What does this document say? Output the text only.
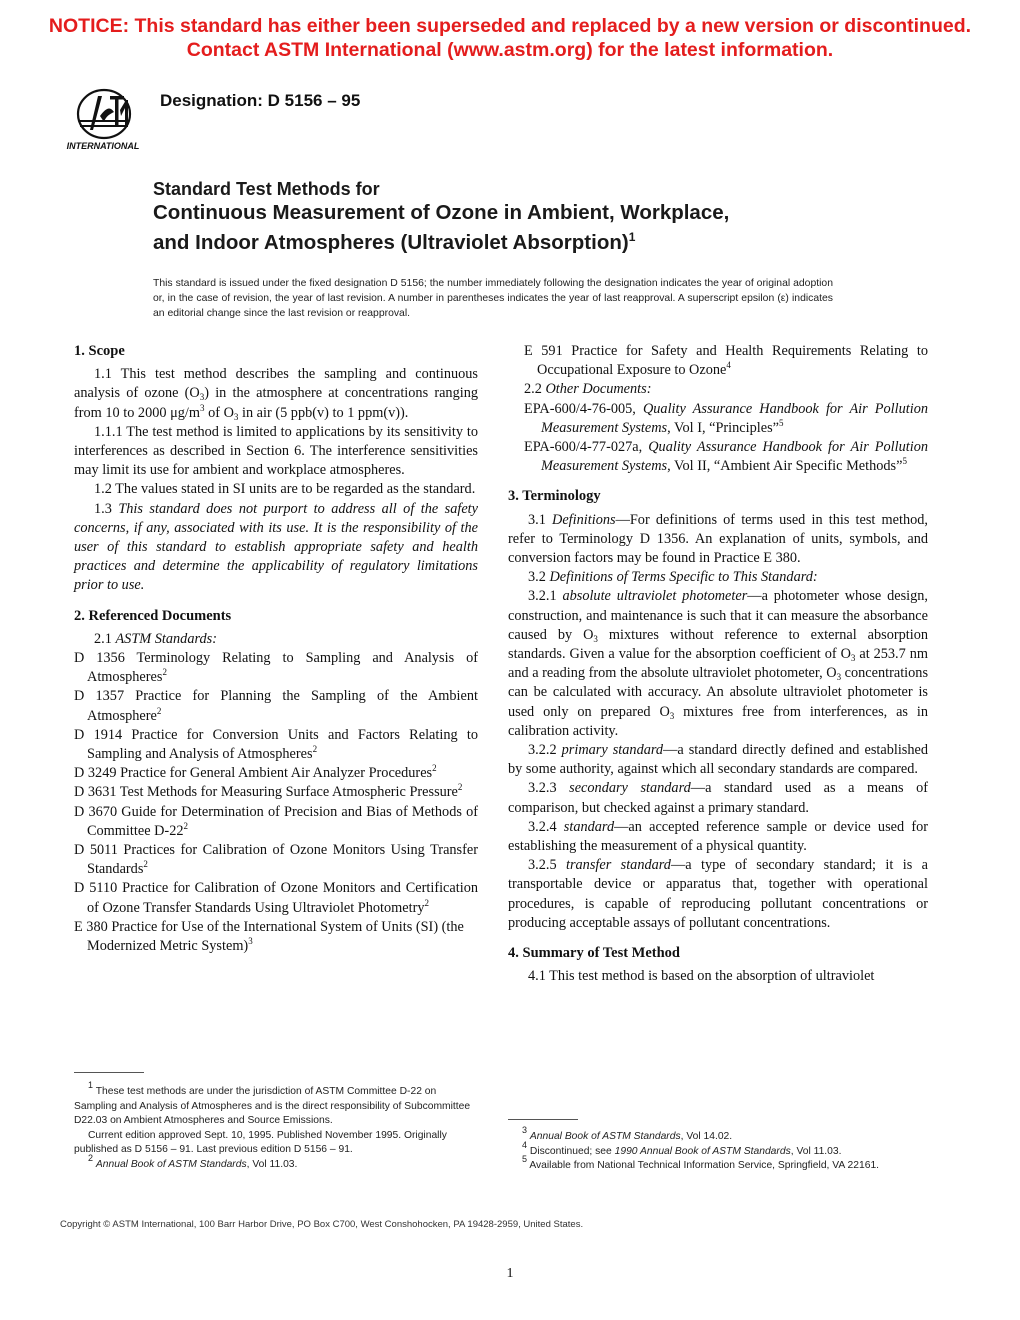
NOTICE: This standard has either been superseded and replaced by a new version or discontinued.
Contact ASTM International (www.astm.org) for the latest information.
INTERNATIONAL
Designation: D 5156 – 95
Standard Test Methods for
Continuous Measurement of Ozone in Ambient, Workplace,
and Indoor Atmospheres (Ultraviolet Absorption)$^1$
This standard is issued under the fixed designation D 5156; the number immediately following the designation indicates the year of original adoption or, in the case of revision, the year of last revision. A number in parentheses indicates the year of last reapproval. A superscript epsilon (ε) indicates an editorial change since the last revision or reapproval.

1. Scope

1.1 This test method describes the sampling and continuous analysis of ozone $(O_3)$ in the atmosphere at concentrations ranging from 10 to 2000 $\mu g/m^3$ of $O_3$ in air (5 ppb(v) to 1 ppm(v)).

1.1.1 The test method is limited to applications by its sensitivity to interferences as described in Section 6. The interference sensitivities may limit its use for ambient and workplace atmospheres.

1.2 The values stated in SI units are to be regarded as the standard.

1.3 This standard does not purport to address all of the safety concerns, if any, associated with its use. It is the responsibility of the user of this standard to establish appropriate safety and health practices and determine the applicability of regulatory limitations prior to use.

2. Referenced Documents

2.1 ASTM Standards:

D 1356 Terminology Relating to Sampling and Analysis of Atmospheres$^2$

D 1357 Practice for Planning the Sampling of the Ambient Atmosphere$^2$

D 1914 Practice for Conversion Units and Factors Relating to Sampling and Analysis of Atmospheres$^2$

D 3249 Practice for General Ambient Air Analyzer Procedures$^2$

D 3631 Test Methods for Measuring Surface Atmospheric Pressure$^2$

D 3670 Guide for Determination of Precision and Bias of Methods of Committee $D-22^2$

D 5011 Practices for Calibration of Ozone Monitors Using Transfer Standards$^2$

D 5110 Practice for Calibration of Ozone Monitors and Certification of Ozone Transfer Standards Using Ultraviolet Photometry$^2$

E 380 Practice for Use of the International System of Units (SI) (the Modernized Metric System)$^3$

1 These test methods are under the jurisdiction of ASTM Committee D-22 on Sampling and Analysis of Atmospheres and is the direct responsibility of Subcommittee D22.03 on Ambient Atmospheres and Source Emissions.

Current edition approved Sept. 10, 1995. Published November 1995. Originally published as D 5156 – 91. Last previous edition D 5156 – 91.

2 Annual Book of ASTM Standards, Vol 11.03.

E 591 Practice for Safety and Health Requirements Relating to Occupational Exposure to Ozone$^4$

2.2 Other Documents:

EPA-600/4-76-005, Quality Assurance Handbook for Air Pollution Measurement Systems, Vol I, “Principles”$^5$

EPA-600/4-77-027a, Quality Assurance Handbook for Air Pollution Measurement Systems, Vol II, “Ambient Air Specific Methods”$^5$

3. Terminology

3.1 Definitions—For definitions of terms used in this test method, refer to Terminology D 1356. An explanation of units, symbols, and conversion factors may be found in Practice E 380.

3.2 Definitions of Terms Specific to This Standard:

3.2.1 absolute ultraviolet photometer—a photometer whose design, construction, and maintenance is such that it can measure the absorbance caused by $O_3$ mixtures without reference to external absorption standards. Given a value for the absorption coefficient of $O_3$ at 253.7 nm and a reading from the absolute ultraviolet photometer, $O_3$ concentrations can be calculated with accuracy. An absolute ultraviolet photometer is used only on prepared $O_3$ mixtures free from interferences, as in calibration activity.

3.2.2 primary standard—a standard directly defined and established by some authority, against which all secondary standards are compared.

3.2.3 secondary standard—a standard used as a means of comparison, but checked against a primary standard.

3.2.4 standard—an accepted reference sample or device used for establishing the measurement of a physical quantity.

3.2.5 transfer standard—a type of secondary standard; it is a transportable device or apparatus that, together with operational procedures, is capable of reproducing pollutant concentrations or producing acceptable assays of pollutant concentrations.

4. Summary of Test Method

4.1 This test method is based on the absorption of ultraviolet

3 Annual Book of ASTM Standards, Vol 14.02.

4 Discontinued; see 1990 Annual Book of ASTM Standards, Vol 11.03.

5 Available from National Technical Information Service, Springfield, VA 22161.

Copyright © ASTM International, 100 Barr Harbor Drive, PO Box C700, West Conshohocken, PA 19428-2959, United States.
1
